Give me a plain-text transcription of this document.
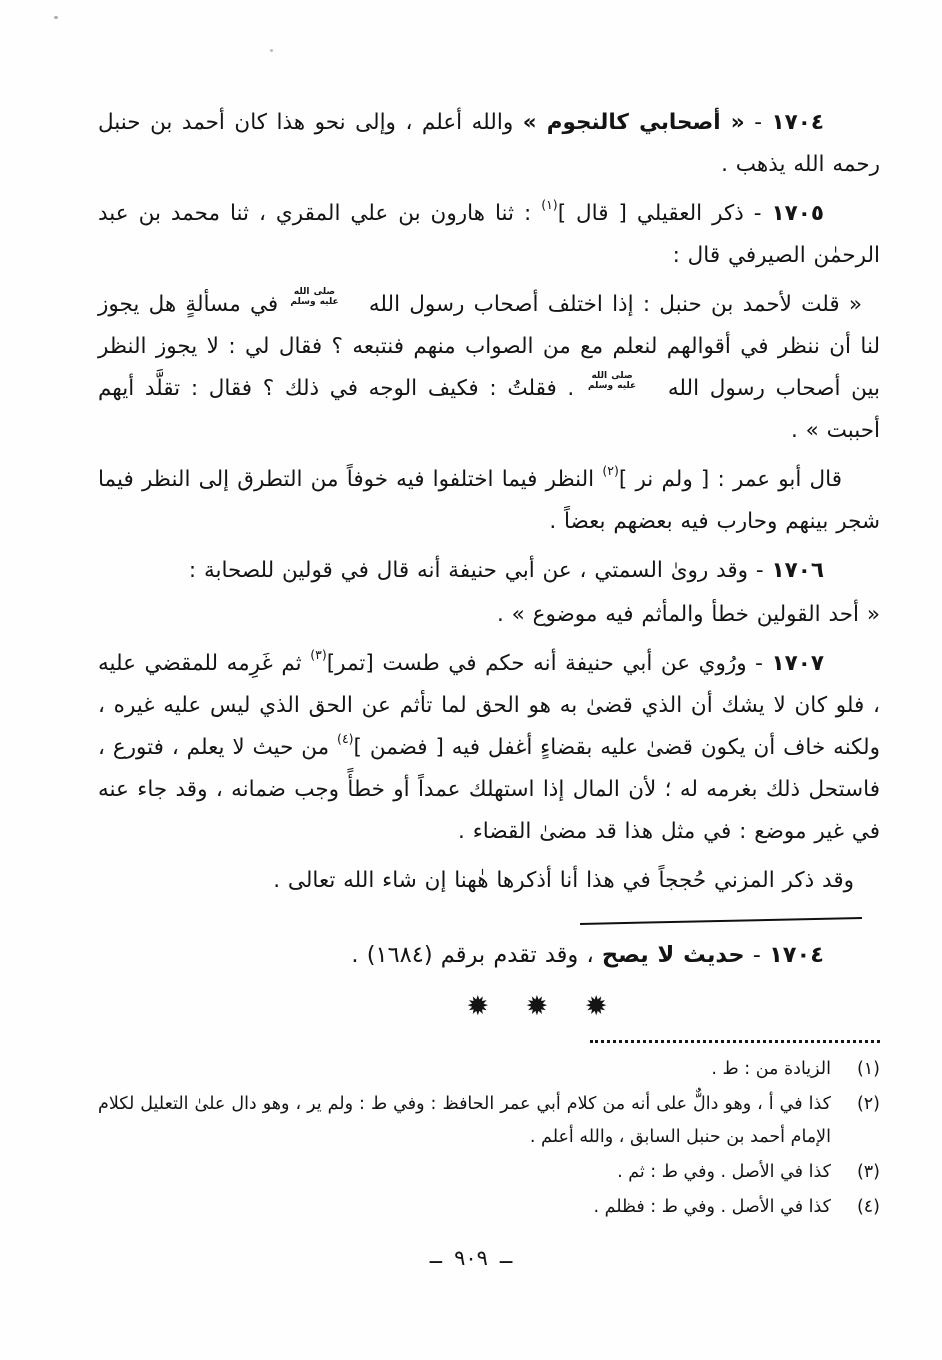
١٧٠٤ - « أصحابي كالنجوم » والله أعلم ، وإلى نحو هذا كان أحمد بن حنبل رحمه الله يذهب .

١٧٠٥ - ذكر العقيلي [ قال ]$^{(١)}$ : ثنا هارون بن علي المقري ، ثنا محمد بن عبد الرحمٰن الصيرفي قال :

« قلت لأحمد بن حنبل : إذا اختلف أصحاب رسول الله
صلى الله
عليه وسلم
في مسألةٍ هل يجوز لنا أن ننظر في أقوالهم لنعلم مع من الصواب منهم فنتبعه ؟ فقال لي : لا يجوز النظر بين أصحاب رسول الله
صلى الله
عليه وسلم
. فقلتُ : فكيف الوجه في ذلك ؟ فقال : تقلَّد أيهم أحببت » .

قال أبو عمر : [ ولم نر ]$^{(٢)}$ النظر فيما اختلفوا فيه خوفاً من التطرق إلى النظر فيما شجر بينهم وحارب فيه بعضهم بعضاً .

١٧٠٦ - وقد روىٰ السمتي ، عن أبي حنيفة أنه قال في قولين للصحابة :

« أحد القولين خطأ والمأثم فيه موضوع » .

١٧٠٧ - ورُوي عن أبي حنيفة أنه حكم في طست [تمر]$^{(٣)}$ ثم غَرِمه للمقضي عليه ، فلو كان لا يشك أن الذي قضىٰ به هو الحق لما تأثم عن الحق الذي ليس عليه غيره ، ولكنه خاف أن يكون قضىٰ عليه بقضاءٍ أغفل فيه [ فضمن ]$^{(٤)}$ من حيث لا يعلم ، فتورع ، فاستحل ذلك بغرمه له ؛ لأن المال إذا استهلك عمداً أو خطأً وجب ضمانه ، وقد جاء عنه في غير موضع : في مثل هذا قد مضىٰ القضاء .

وقد ذكر المزني حُججاً في هذا أنا أذكرها هٰهنا إن شاء الله تعالى .

١٧٠٤ - حديث لا يصح ، وقد تقدم برقم (١٦٨٤) .

✹ ✹ ✹
(١)
الزيادة من : ط .
(٢)
كذا في أ ، وهو دالٌّ على أنه من كلام أبي عمر الحافظ : وفي ط : ولم ير ، وهو دال علىٰ التعليل لكلام الإمام أحمد بن حنبل السابق ، والله أعلم .
(٣)
كذا في الأصل . وفي ط : ثم .
(٤)
كذا في الأصل . وفي ط : فظلم .
ــ٩٠٩ــ
